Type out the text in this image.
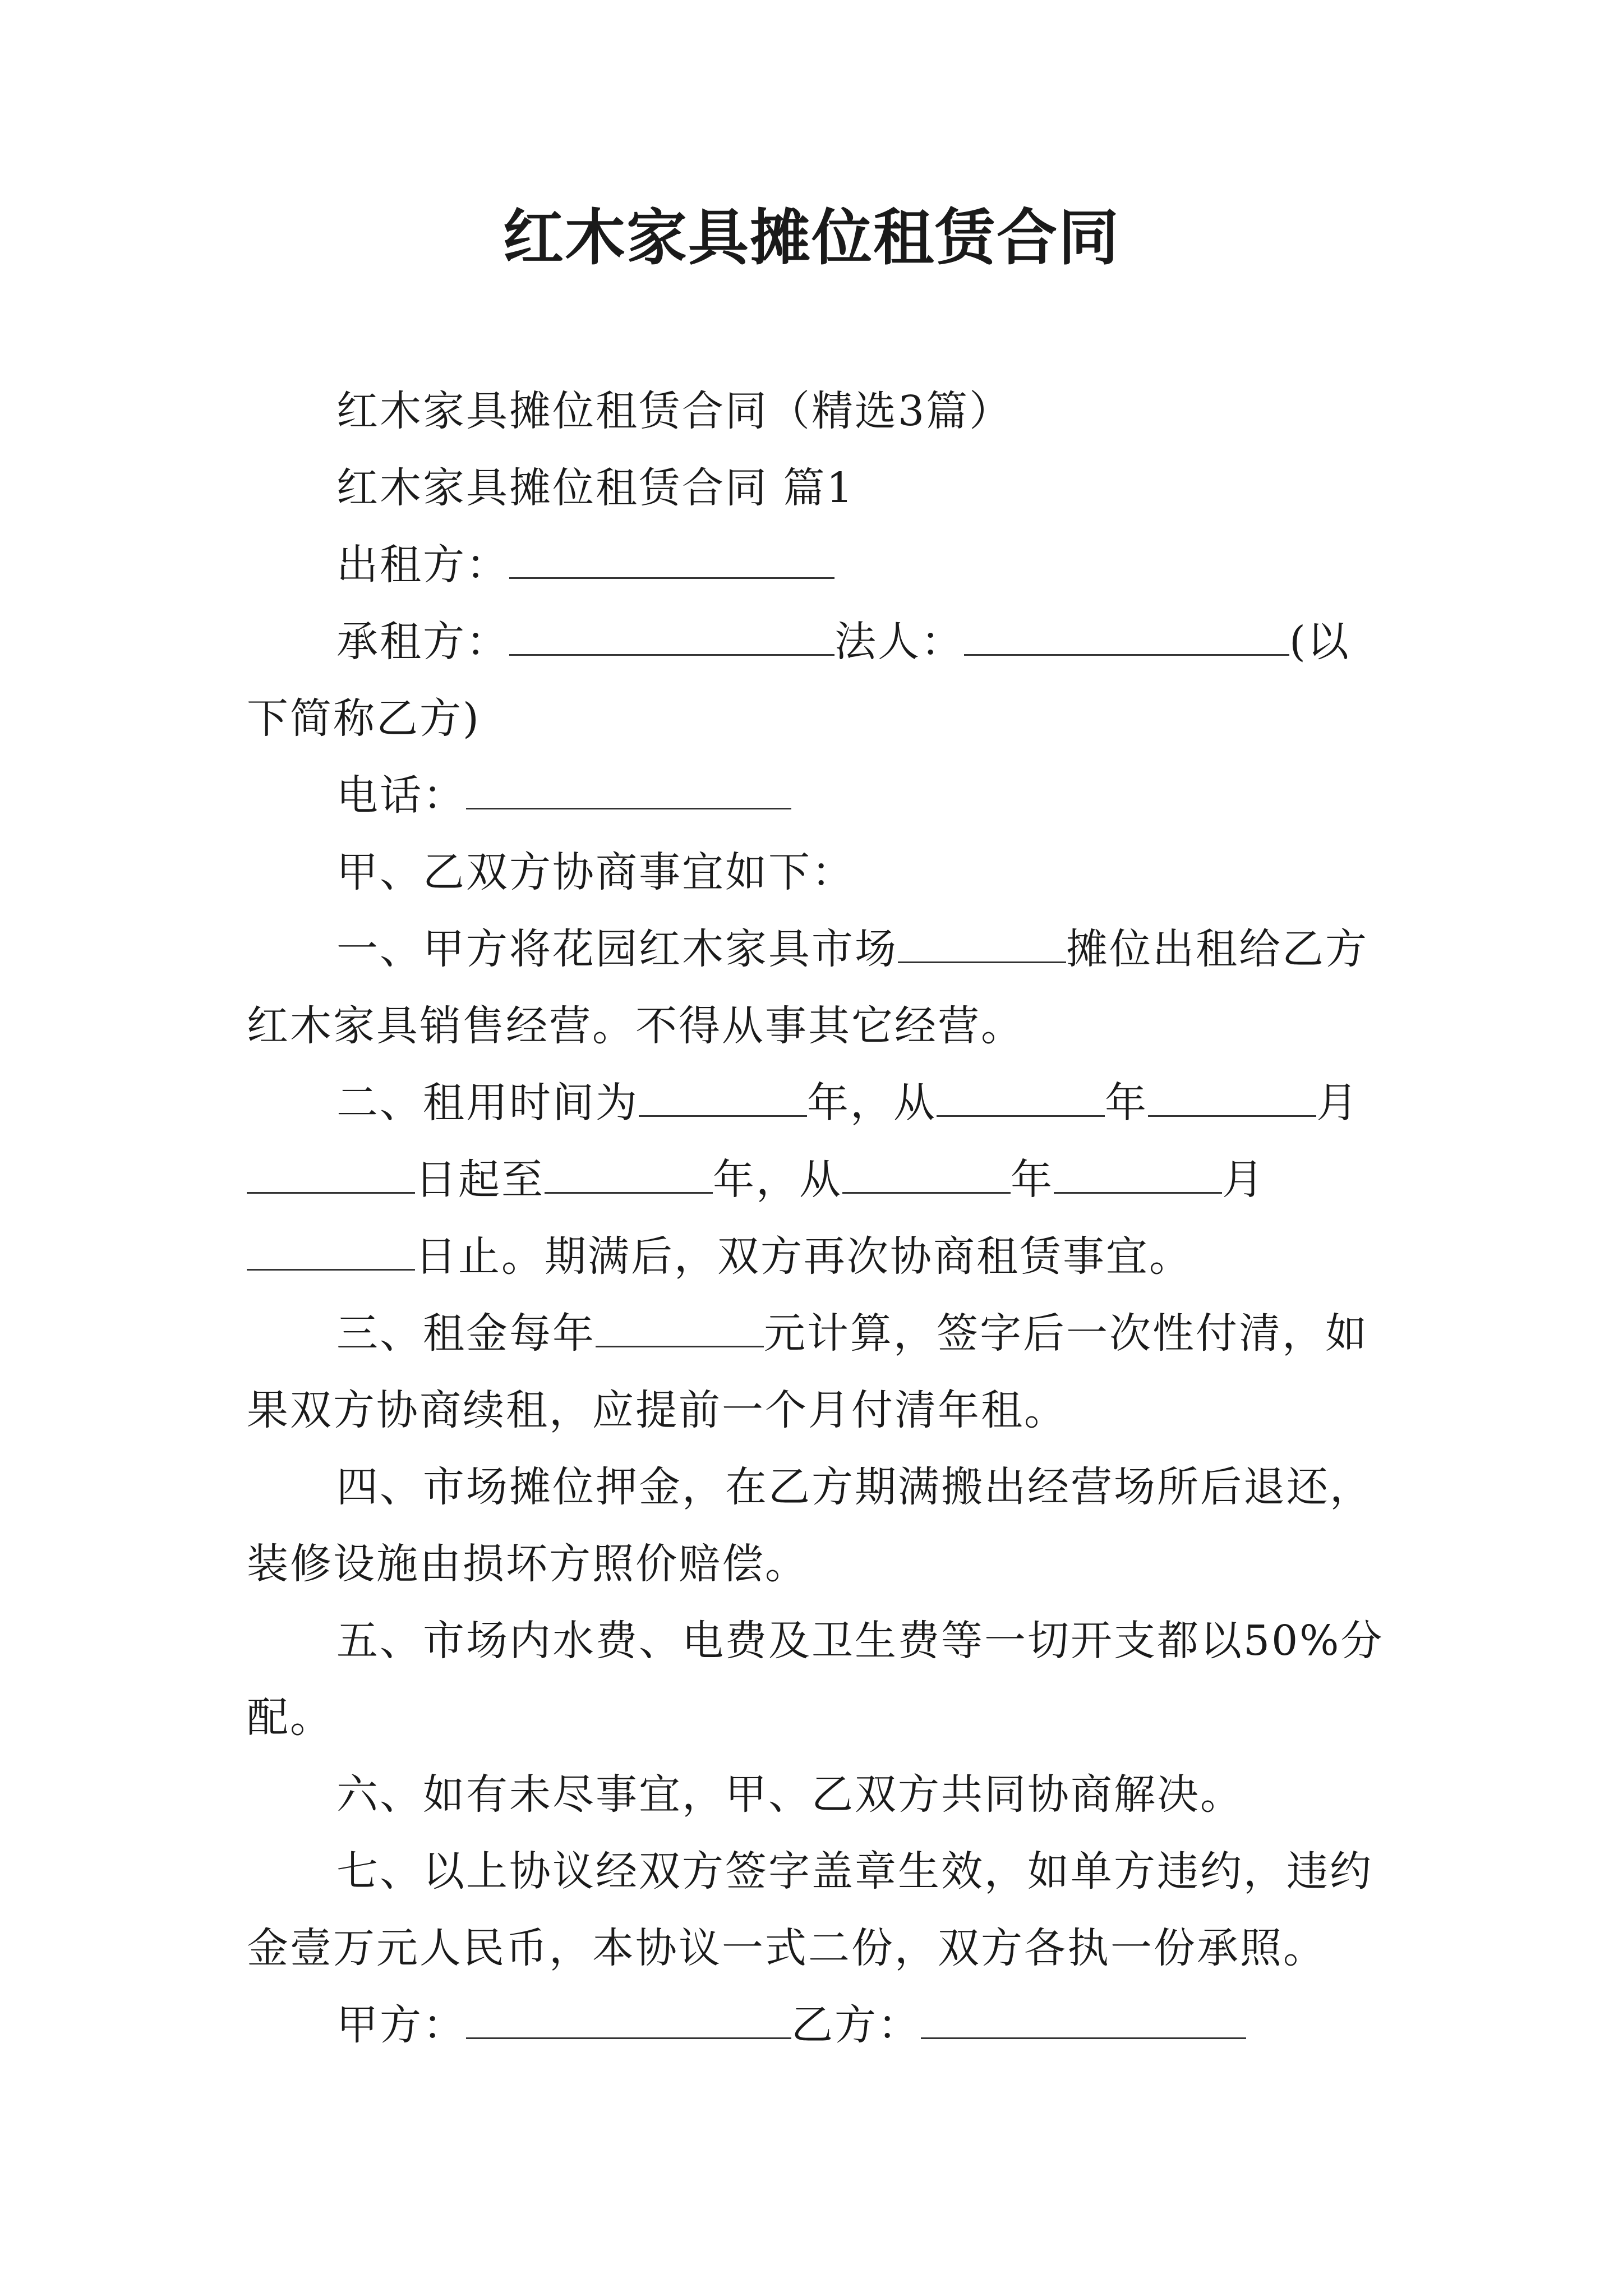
红木家具摊位租赁合同

红木家具摊位租赁合同（精选3篇）

红木家具摊位租赁合同 篇1

出租方：

承租方：	法人：	(以下简称乙方)

电话：

甲、乙双方协商事宜如下：

一、甲方将花园红木家具市场	摊位出租给乙方红木家具销售经营。不得从事其它经营。

二、租用时间为	年，从	年	月日起至	年，从	年	月日止。期满后，双方再次协商租赁事宜。

三、租金每年	元计算，签字后一次性付清，如果双方协商续租，应提前一个月付清年租。

四、市场摊位押金，在乙方期满搬出经营场所后退还，装修设施由损坏方照价赔偿。

五、市场内水费、电费及卫生费等一切开支都以50%分配。

六、如有未尽事宜，甲、乙双方共同协商解决。

七、以上协议经双方签字盖章生效，如单方违约，违约金壹万元人民币，本协议一式二份，双方各执一份承照。

甲方：	乙方：
